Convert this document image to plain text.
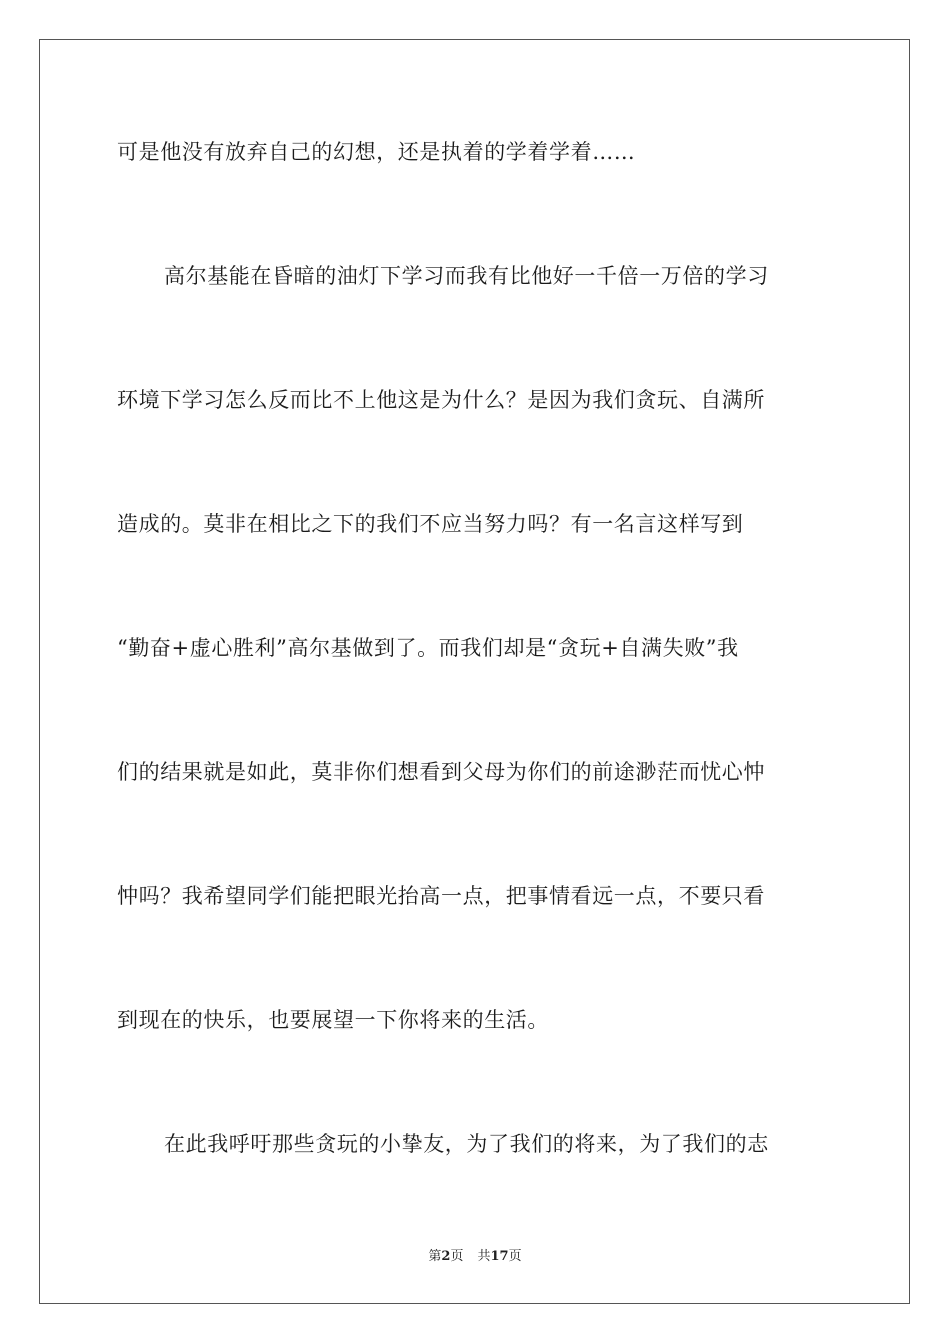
可是他没有放弃自己的幻想，还是执着的学着学着……
高尔基能在昏暗的油灯下学习而我有比他好一千倍一万倍的学习
环境下学习怎么反而比不上他这是为什么？是因为我们贪玩、自满所
造成的。莫非在相比之下的我们不应当努力吗？有一名言这样写到
“勤奋+虚心胜利”高尔基做到了。而我们却是“贪玩+自满失败”我
们的结果就是如此，莫非你们想看到父母为你们的前途渺茫而忧心忡
忡吗？我希望同学们能把眼光抬高一点，把事情看远一点，不要只看
到现在的快乐，也要展望一下你将来的生活。
在此我呼吁那些贪玩的小挚友，为了我们的将来，为了我们的志
第2页 共17页
